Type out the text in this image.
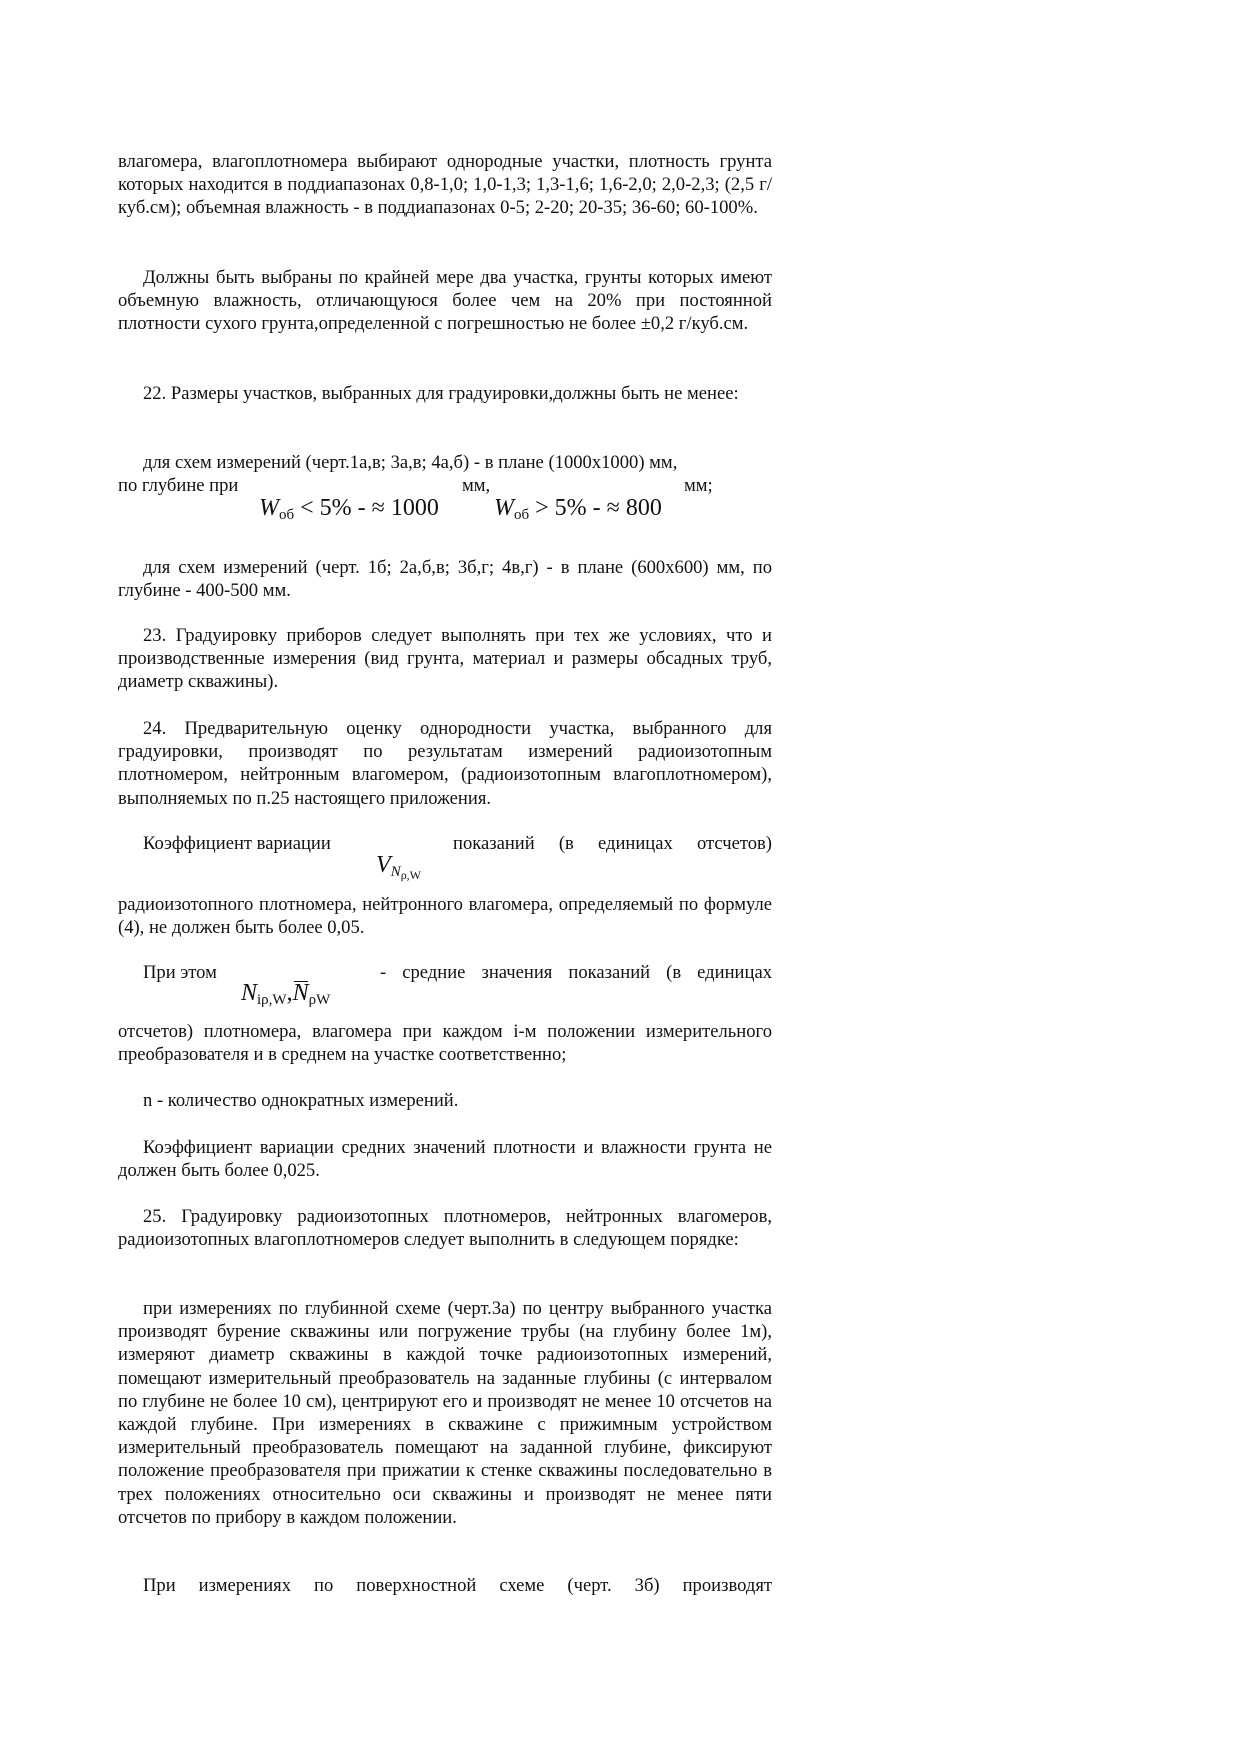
влагомера, влагоплотномера выбирают однородные участки, плотность грунта которых находится в поддиапазонах 0,8-1,0; 1,0-1,3; 1,3-1,6; 1,6-2,0; 2,0-2,3; (2,5 г/куб.см); объемная влажность - в поддиапазонах 0-5; 2-20; 20-35; 36-60; 60-100%.

Должны быть выбраны по крайней мере два участка, грунты которых имеют объемную влажность, отличающуюся более чем на 20% при постоянной плотности сухого грунта,определенной с погрешностью не более ±0,2 г/куб.см.

22. Размеры участков, выбранных для градуировки,должны быть не менее:

для схем измерений (черт.1а,в; 3а,в; 4а,б) - в плане (1000х1000) мм,

по глубине при	мм,	мм;
$W_{об} < 5\%$ - ≈ 1000 $W_{об} > 5\%$ - ≈ 800

для схем измерений (черт. 1б; 2а,б,в; 3б,г; 4в,г) - в плане (600х600) мм, по глубине - 400-500 мм.

23. Градуировку приборов следует выполнять при тех же условиях, что и производственные измерения (вид грунта, материал и размеры обсадных труб, диаметр скважины).

24. Предварительную оценку однородности участка, выбранного для градуировки, производят по результатам измерений радиоизотопным плотномером, нейтронным влагомером, (радиоизотопным влагоплотномером), выполняемых по п.25 настоящего приложения.

Коэффициент вариации	показаний (в единицах отсчетов)
$V_{N_{\rho,W}}$

радиоизотопного плотномера, нейтронного влагомера, определяемый по формуле (4), не должен быть более 0,05.

При этом	- средние значения показаний (в единицах
$N_{i\rho,W},N_{\rho W}$

отсчетов) плотномера, влагомера при каждом i-м положении измерительного преобразователя и в среднем на участке соответственно;

n - количество однократных измерений.

Коэффициент вариации средних значений плотности и влажности грунта не должен быть более 0,025.

25. Градуировку радиоизотопных плотномеров, нейтронных влагомеров, радиоизотопных влагоплотномеров следует выполнить в следующем порядке:

при измерениях по глубинной схеме (черт.3а) по центру выбранного участка производят бурение скважины или погружение трубы (на глубину более 1м), измеряют диаметр скважины в каждой точке радиоизотопных измерений, помещают измерительный преобразователь на заданные глубины (с интервалом по глубине не более 10 см), центрируют его и производят не менее 10 отсчетов на каждой глубине. При измерениях в скважине с прижимным устройством измерительный преобразователь помещают на заданной глубине, фиксируют положение преобразователя при прижатии к стенке скважины последовательно в трех положениях относительно оси скважины и производят не менее пяти отсчетов по прибору в каждом положении.

При измерениях по поверхностной схеме (черт. 3б) производят
